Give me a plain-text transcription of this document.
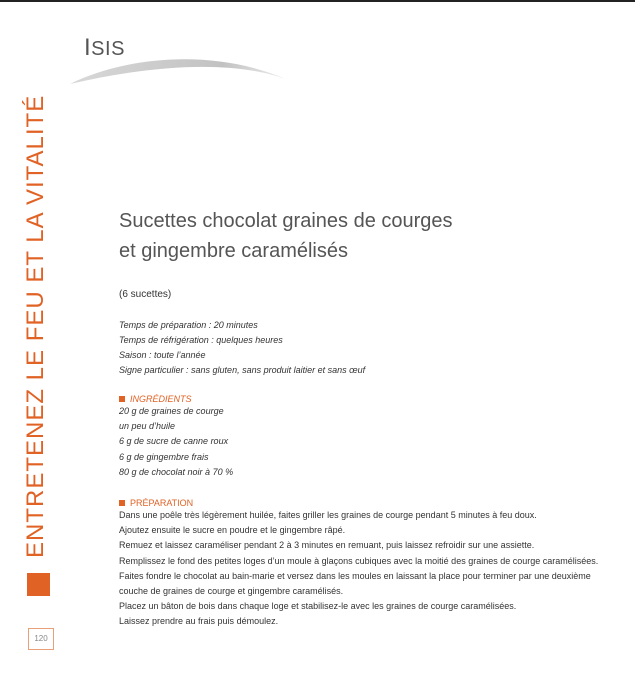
ISIS
ENTRETENEZ LE FEU ET LA VITALITÉ
120
Sucettes chocolat graines de courges
et gingembre caramélisés
(6 sucettes)
Temps de préparation : 20 minutes
Temps de réfrigération : quelques heures
Saison : toute l’année
Signe particulier : sans gluten, sans produit laitier et sans œuf
INGRÉDIENTS
20 g de graines de courge
un peu d’huile
6 g de sucre de canne roux
6 g de gingembre frais
80 g de chocolat noir à 70 %
PRÉPARATION
Dans une poêle très légèrement huilée, faites griller les graines de courge pendant 5 minutes à feu doux.
Ajoutez ensuite le sucre en poudre et le gingembre râpé.
Remuez et laissez caraméliser pendant 2 à 3 minutes en remuant, puis laissez refroidir sur une assiette.
Remplissez le fond des petites loges d’un moule à glaçons cubiques avec la moitié des graines de courge caramélisées.
Faites fondre le chocolat au bain-marie et versez dans les moules en laissant la place pour terminer par une deuxième
couche de graines de courge et gingembre caramélisés.
Placez un bâton de bois dans chaque loge et stabilisez-le avec les graines de courge caramélisées.
Laissez prendre au frais puis démoulez.
